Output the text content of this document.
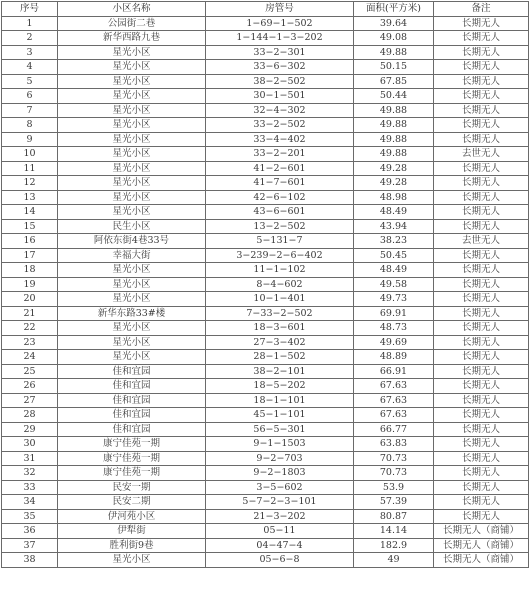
序号	小区名称	房管号	面积(平方米)	备注
1	公园街二巷	1−69−1−502	39.64	长期无人
2	新华西路九巷	1−144−1−3−202	49.08	长期无人
3	星光小区	33−2−301	49.88	长期无人
4	星光小区	33−6−302	50.15	长期无人
5	星光小区	38−2−502	67.85	长期无人
6	星光小区	30−1−501	50.44	长期无人
7	星光小区	32−4−302	49.88	长期无人
8	星光小区	33−2−502	49.88	长期无人
9	星光小区	33−4−402	49.88	长期无人
10	星光小区	33−2−201	49.88	去世无人
11	星光小区	41−2−601	49.28	长期无人
12	星光小区	41−7−601	49.28	长期无人
13	星光小区	42−6−102	48.98	长期无人
14	星光小区	43−6−601	48.49	长期无人
15	民生小区	13−2−502	43.94	长期无人
16	阿依东街4巷33号	5−131−7	38.23	去世无人
17	幸福大街	3−239−2−6−402	50.45	长期无人
18	星光小区	11−1−102	48.49	长期无人
19	星光小区	8−4−602	49.58	长期无人
20	星光小区	10−1−401	49.73	长期无人
21	新华东路33#楼	7−33−2−502	69.91	长期无人
22	星光小区	18−3−601	48.73	长期无人
23	星光小区	27−3−402	49.69	长期无人
24	星光小区	28−1−502	48.89	长期无人
25	佳和宜园	38−2−101	66.91	长期无人
26	佳和宜园	18−5−202	67.63	长期无人
27	佳和宜园	18−1−101	67.63	长期无人
28	佳和宜园	45−1−101	67.63	长期无人
29	佳和宜园	56−5−301	66.77	长期无人
30	康宁佳苑一期	9−1−1503	63.83	长期无人
31	康宁佳苑一期	9−2−703	70.73	长期无人
32	康宁佳苑一期	9−2−1803	70.73	长期无人
33	民安一期	3−5−602	53.9	长期无人
34	民安二期	5−7−2−3−101	57.39	长期无人
35	伊河苑小区	21−3−202	80.87	长期无人
36	伊犁街	05−11	14.14	长期无人（商铺）
37	胜利街9巷	04−47−4	182.9	长期无人（商铺）
38	星光小区	05−6−8	49	长期无人（商铺）
